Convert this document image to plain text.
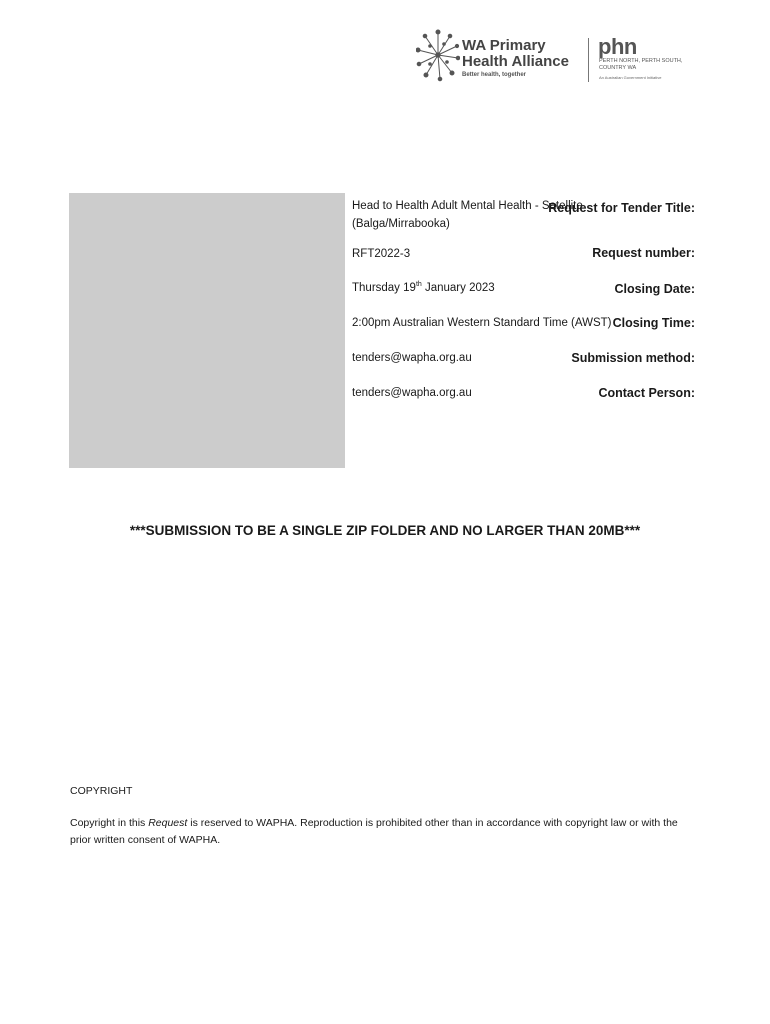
WA Primary
Health Alliance
Better health, together
phn
PERTH NORTH, PERTH SOUTH, COUNTRY WA
An Australian Government Initiative
Request for Tender Title:
Head to Health Adult Mental Health - Satellite
(Balga/Mirrabooka)
Request number:
RFT2022-3
Closing Date:
Thursday 19th January 2023
Closing Time:
2:00pm Australian Western Standard Time (AWST)
Submission method:
tenders@wapha.org.au
Contact Person:
tenders@wapha.org.au
***SUBMISSION TO BE A SINGLE ZIP FOLDER AND NO LARGER THAN 20MB***
COPYRIGHT
Copyright in this Request is reserved to WAPHA. Reproduction is prohibited other than in accordance with copyright law or with the prior written consent of WAPHA.
